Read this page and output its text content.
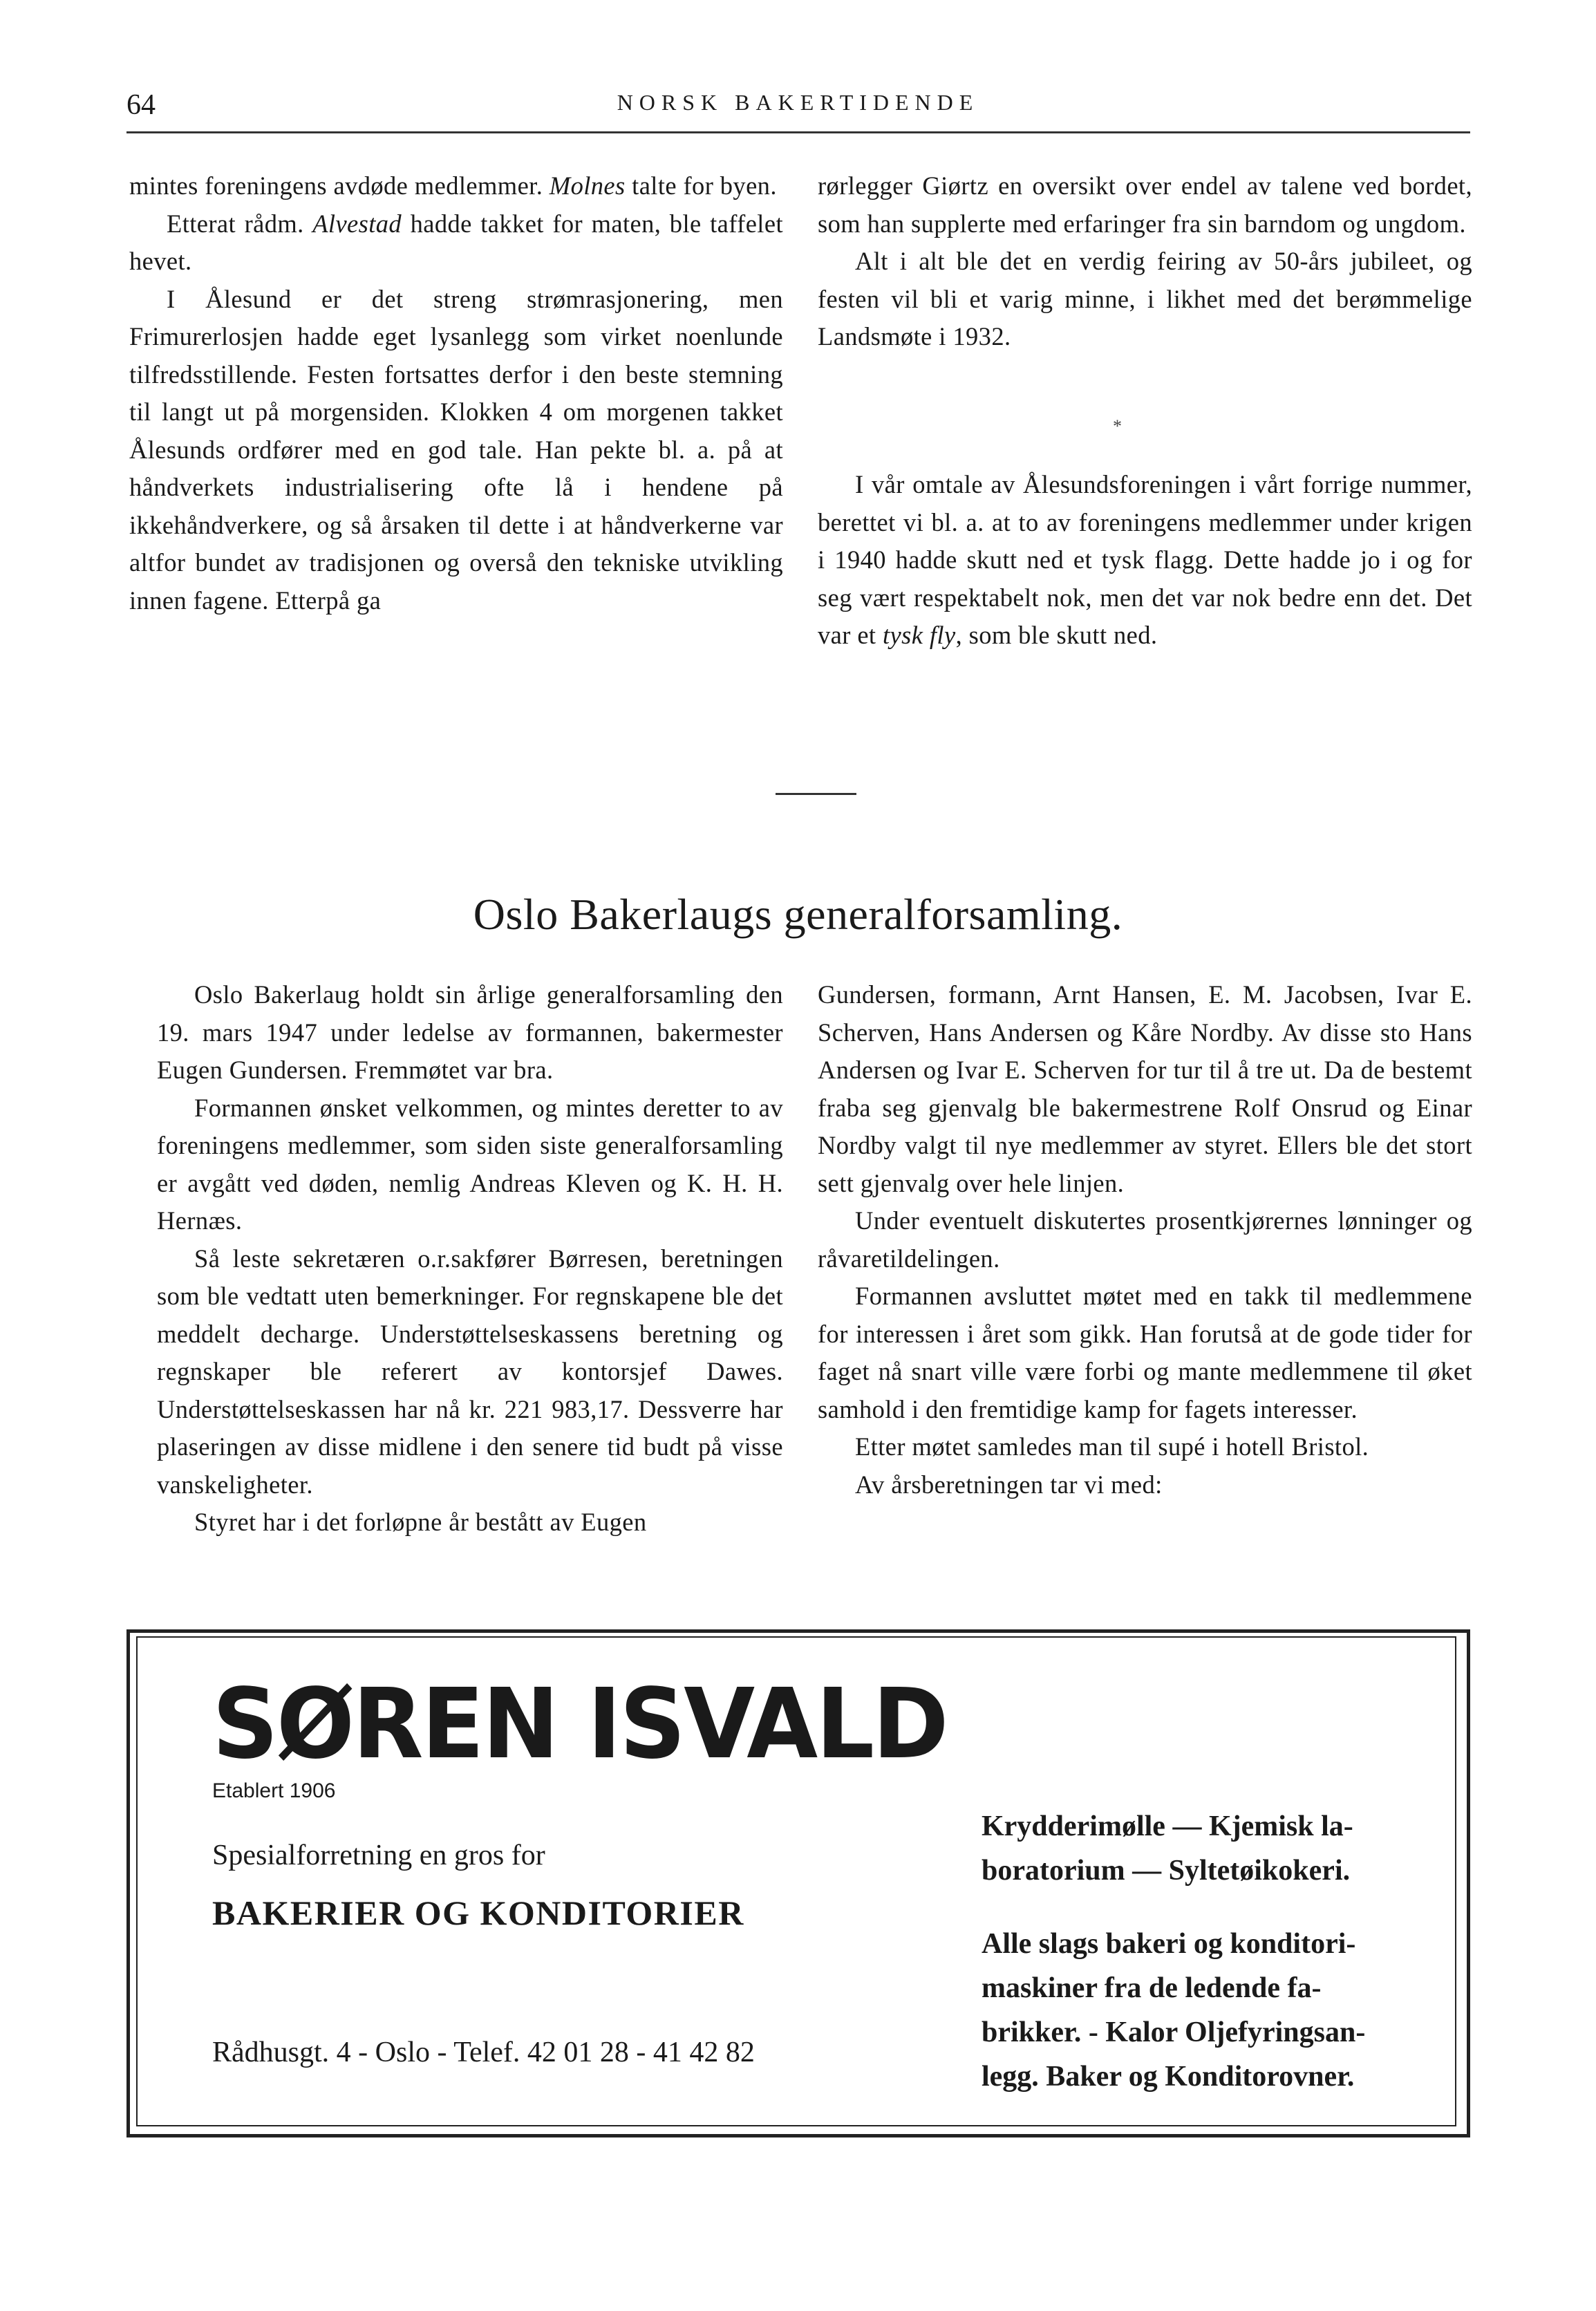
64	NORSK BAKERTIDENDE

mintes foreningens avdøde medlemmer. Molnes talte for byen.

Etterat rådm. Alvestad hadde takket for maten, ble taffelet hevet.

I Ålesund er det streng strømrasjonering, men Frimurerlosjen hadde eget lysanlegg som virket noenlunde tilfredsstillende. Festen fortsattes derfor i den beste stemning til langt ut på morgensiden. Klokken 4 om morgenen takket Ålesunds ordfører med en god tale. Han pekte bl. a. på at håndverkets industrialisering ofte lå i hendene på ikkehåndverkere, og så årsaken til dette i at håndverkerne var altfor bundet av tradisjonen og overså den tekniske utvikling innen fagene. Etterpå ga

rørlegger Giørtz en oversikt over endel av talene ved bordet, som han supplerte med erfaringer fra sin barndom og ungdom.

Alt i alt ble det en verdig feiring av 50-års jubileet, og festen vil bli et varig minne, i likhet med det berømmelige Landsmøte i 1932.

*

I vår omtale av Ålesundsforeningen i vårt forrige nummer, berettet vi bl. a. at to av foreningens medlemmer under krigen i 1940 hadde skutt ned et tysk flagg. Dette hadde jo i og for seg vært respektabelt nok, men det var nok bedre enn det. Det var et tysk fly, som ble skutt ned.

Oslo Bakerlaugs generalforsamling.

Oslo Bakerlaug holdt sin årlige generalforsamling den 19. mars 1947 under ledelse av formannen, bakermester Eugen Gundersen. Fremmøtet var bra.

Formannen ønsket velkommen, og mintes deretter to av foreningens medlemmer, som siden siste generalforsamling er avgått ved døden, nemlig Andreas Kleven og K. H. H. Hernæs.

Så leste sekretæren o.r.sakfører Børresen, beretningen som ble vedtatt uten bemerkninger. For regnskapene ble det meddelt decharge. Understøttelseskassens beretning og regnskaper ble referert av kontorsjef Dawes. Understøttelseskassen har nå kr. 221 983,17. Dessverre har plaseringen av disse midlene i den senere tid budt på visse vanskeligheter.

Styret har i det forløpne år bestått av Eugen

Gundersen, formann, Arnt Hansen, E. M. Jacobsen, Ivar E. Scherven, Hans Andersen og Kåre Nordby. Av disse sto Hans Andersen og Ivar E. Scherven for tur til å tre ut. Da de bestemt fraba seg gjenvalg ble bakermestrene Rolf Onsrud og Einar Nordby valgt til nye medlemmer av styret. Ellers ble det stort sett gjenvalg over hele linjen.

Under eventuelt diskutertes prosentkjørernes lønninger og råvaretildelingen.

Formannen avsluttet møtet med en takk til medlemmene for interessen i året som gikk. Han forutså at de gode tider for faget nå snart ville være forbi og mante medlemmene til øket samhold i den fremtidige kamp for fagets interesser.

Etter møtet samledes man til supé i hotell Bristol.

Av årsberetningen tar vi med:

SØREN ISVALD
Etablert 1906
Spesialforretning en gros for
BAKERIER OG KONDITORIER
Rådhusgt. 4 - Oslo - Telef. 42 01 28 - 41 42 82
Krydderimølle — Kjemisk la-
boratorium — Syltetøikokeri.
Alle slags bakeri og konditori-
maskiner fra de ledende fa-
brikker. - Kalor Oljefyringsan-
legg. Baker og Konditorovner.
